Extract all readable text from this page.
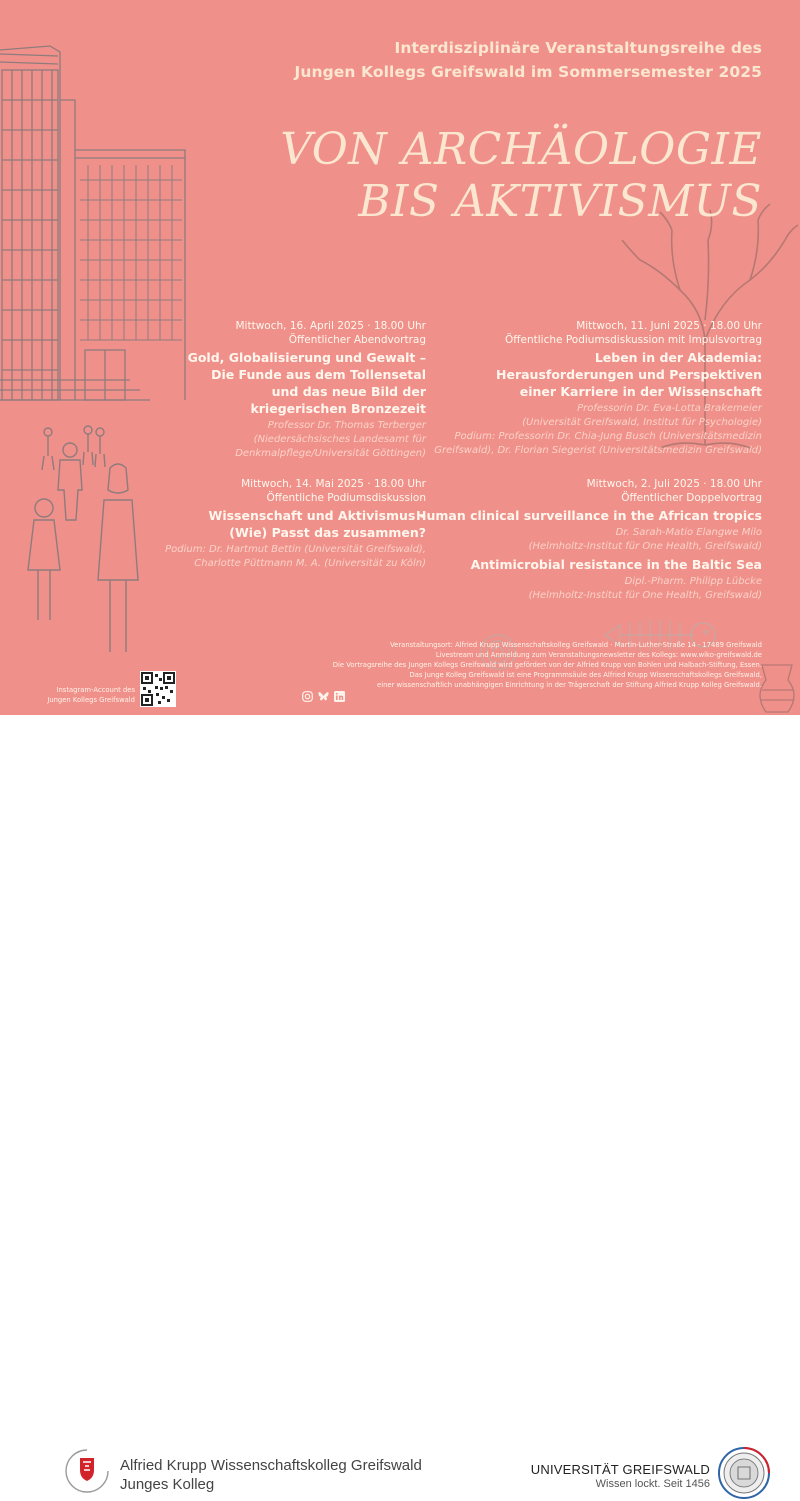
Interdisziplinäre Veranstaltungsreihe des
Jungen Kollegs Greifswald im Sommersemester 2025
VON ARCHÄOLOGIE
BIS AKTIVISMUS
Mittwoch, 16. April 2025 · 18.00 Uhr
Öffentlicher Abendvortrag
Gold, Globalisierung und Gewalt –
Die Funde aus dem Tollensetal
und das neue Bild der
kriegerischen Bronzezeit
Professor Dr. Thomas Terberger
(Niedersächsisches Landesamt für
Denkmalpflege/Universität Göttingen)
Mittwoch, 11. Juni 2025 · 18.00 Uhr
Öffentliche Podiumsdiskussion mit Impulsvortrag
Leben in der Akademia:
Herausforderungen und Perspektiven
einer Karriere in der Wissenschaft
Professorin Dr. Eva-Lotta Brakemeier
(Universität Greifswald, Institut für Psychologie)
Podium: Professorin Dr. Chia-Jung Busch (Universitätsmedizin
Greifswald), Dr. Florian Siegerist (Universitätsmedizin Greifswald)
Mittwoch, 14. Mai 2025 · 18.00 Uhr
Öffentliche Podiumsdiskussion
Wissenschaft und Aktivismus –
(Wie) Passt das zusammen?
Podium: Dr. Hartmut Bettin (Universität Greifswald),
Charlotte Püttmann M. A. (Universität zu Köln)
Mittwoch, 2. Juli 2025 · 18.00 Uhr
Öffentlicher Doppelvortrag
Human clinical surveillance in the African tropics
Dr. Sarah-Matio Elangwe Milo
(Helmholtz-Institut für One Health, Greifswald)
Antimicrobial resistance in the Baltic Sea
Dipl.-Pharm. Philipp Lübcke
(Helmholtz-Institut für One Health, Greifswald)
Veranstaltungsort: Alfried Krupp Wissenschaftskolleg Greifswald · Martin-Luther-Straße 14 · 17489 Greifswald
Livestream und Anmeldung zum Veranstaltungsnewsletter des Kollegs: www.wiko-greifswald.de
Die Vortragsreihe des Jungen Kollegs Greifswald wird gefördert von der Alfried Krupp von Bohlen und Halbach-Stiftung, Essen.
Das Junge Kolleg Greifswald ist eine Programmsäule des Alfried Krupp Wissenschaftskollegs Greifswald,
einer wissenschaftlich unabhängigen Einrichtung in der Trägerschaft der Stiftung Alfried Krupp Kolleg Greifswald.
Instagram-Account des
Jungen Kollegs Greifswald
Alfried Krupp Wissenschaftskolleg Greifswald
Junges Kolleg
UNIVERSITÄT GREIFSWALD
Wissen lockt. Seit 1456
